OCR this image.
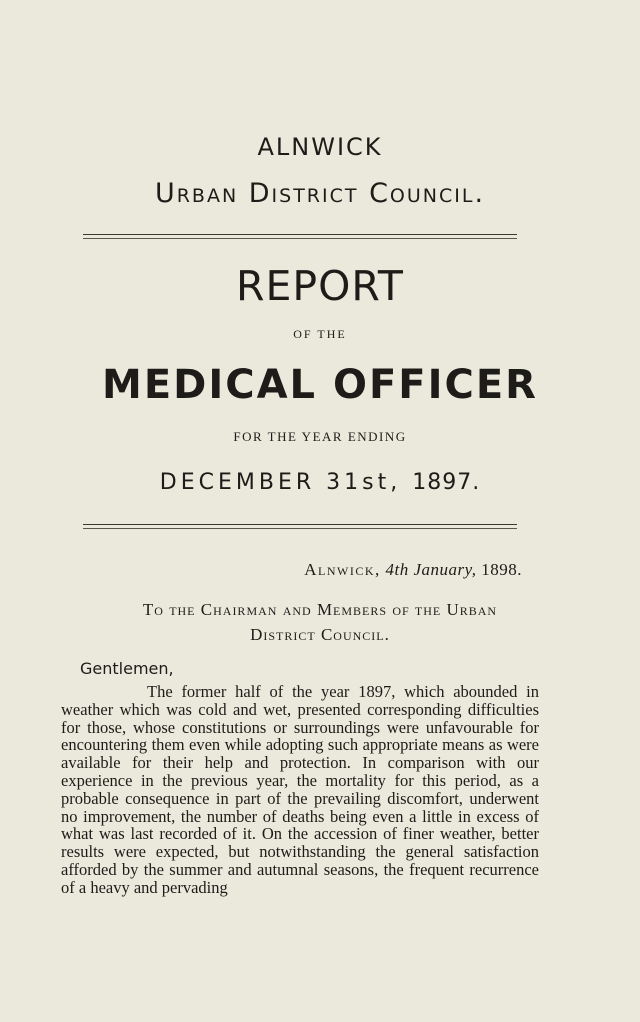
ALNWICK
Urban District Council.
REPORT
OF THE
MEDICAL OFFICER
FOR THE YEAR ENDING
DECEMBER 31st, 1897.
Alnwick, 4th January, 1898.
To the Chairman and Members of the Urban
District Council.
Gentlemen,

The former half of the year 1897, which abounded in weather which was cold and wet, presented corresponding difficulties for those, whose constitutions or surroundings were unfavourable for encountering them even while adopting such appropriate means as were available for their help and protection. In comparison with our experience in the previous year, the mortality for this period, as a probable consequence in part of the prevailing discomfort, underwent no improvement, the number of deaths being even a little in excess of what was last recorded of it. On the accession of finer weather, better results were expected, but notwithstanding the general satisfaction afforded by the summer and autumnal seasons, the frequent recurrence of a heavy and pervading
